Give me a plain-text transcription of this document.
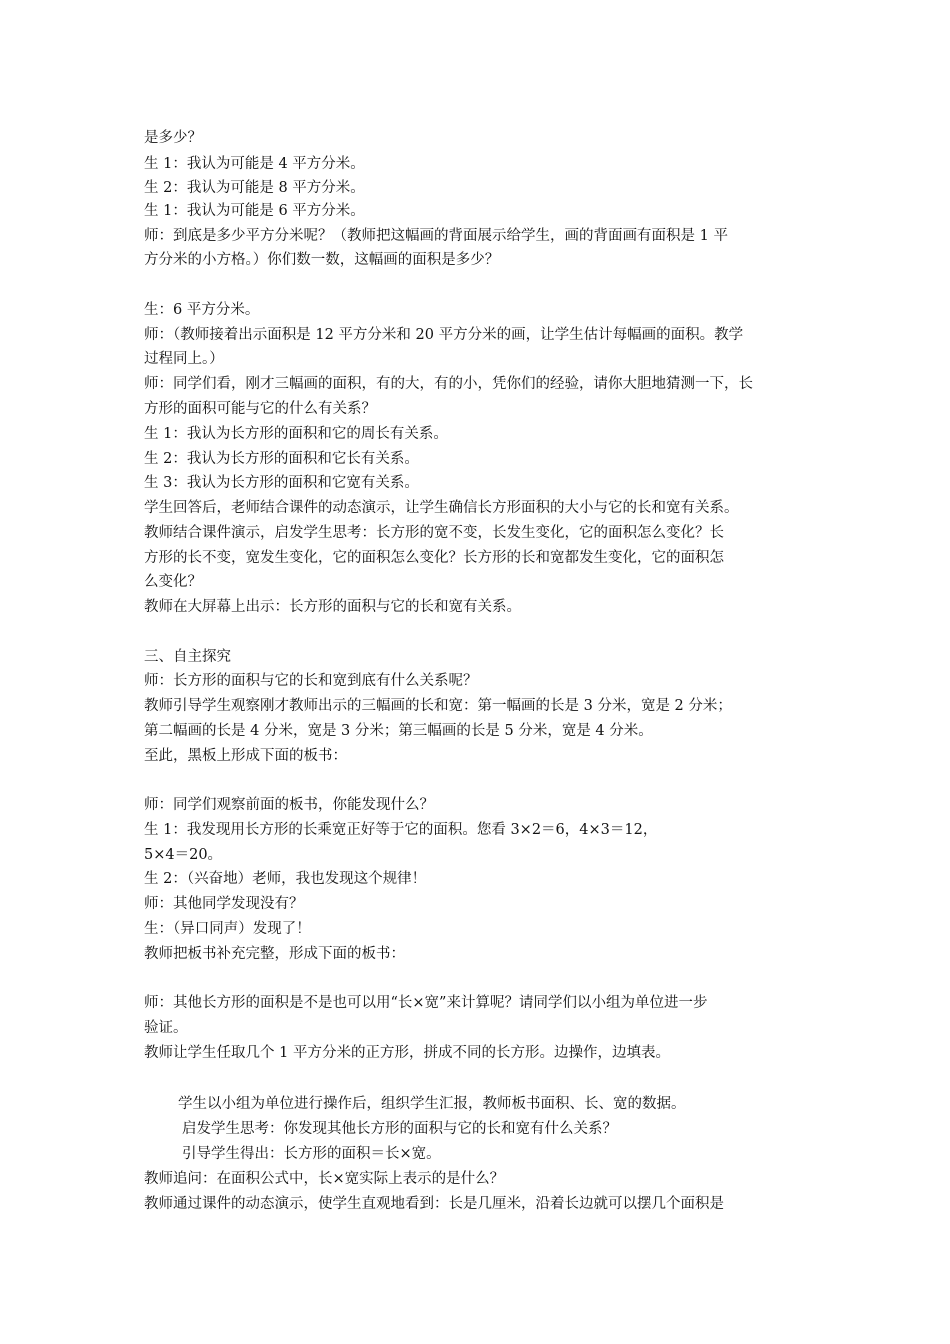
是多少？

生 1：我认为可能是 4 平方分米。

生 2：我认为可能是 8 平方分米。

生 1：我认为可能是 6 平方分米。

师：到底是多少平方分米呢？（教师把这幅画的背面展示给学生，画的背面画有面积是 1 平

方分米的小方格。）你们数一数，这幅画的面积是多少？

生：6 平方分米。

师：（教师接着出示面积是 12 平方分米和 20 平方分米的画，让学生估计每幅画的面积。教学

过程同上。）

师：同学们看，刚才三幅画的面积，有的大，有的小，凭你们的经验，请你大胆地猜测一下，长

方形的面积可能与它的什么有关系？

生 1：我认为长方形的面积和它的周长有关系。

生 2：我认为长方形的面积和它长有关系。

生 3：我认为长方形的面积和它宽有关系。

学生回答后，老师结合课件的动态演示，让学生确信长方形面积的大小与它的长和宽有关系。

教师结合课件演示，启发学生思考：长方形的宽不变，长发生变化，它的面积怎么变化？长

方形的长不变，宽发生变化，它的面积怎么变化？长方形的长和宽都发生变化，它的面积怎

么变化？

教师在大屏幕上出示：长方形的面积与它的长和宽有关系。

三、自主探究

师：长方形的面积与它的长和宽到底有什么关系呢？

教师引导学生观察刚才教师出示的三幅画的长和宽：第一幅画的长是 3 分米，宽是 2 分米；

第二幅画的长是 4 分米，宽是 3 分米；第三幅画的长是 5 分米，宽是 4 分米。

至此，黑板上形成下面的板书：

师：同学们观察前面的板书，你能发现什么？

生 1：我发现用长方形的长乘宽正好等于它的面积。您看 3×2＝6，4×3＝12，

5×4＝20。

生 2：（兴奋地）老师，我也发现这个规律！

师：其他同学发现没有？

生：（异口同声）发现了！

教师把板书补充完整，形成下面的板书：

师：其他长方形的面积是不是也可以用“长×宽”来计算呢？请同学们以小组为单位进一步

验证。

教师让学生任取几个 1 平方分米的正方形，拼成不同的长方形。边操作，边填表。

学生以小组为单位进行操作后，组织学生汇报，教师板书面积、长、宽的数据。

启发学生思考：你发现其他长方形的面积与它的长和宽有什么关系？

引导学生得出：长方形的面积＝长×宽。

教师追问：在面积公式中，长×宽实际上表示的是什么？

教师通过课件的动态演示，使学生直观地看到：长是几厘米，沿着长边就可以摆几个面积是
